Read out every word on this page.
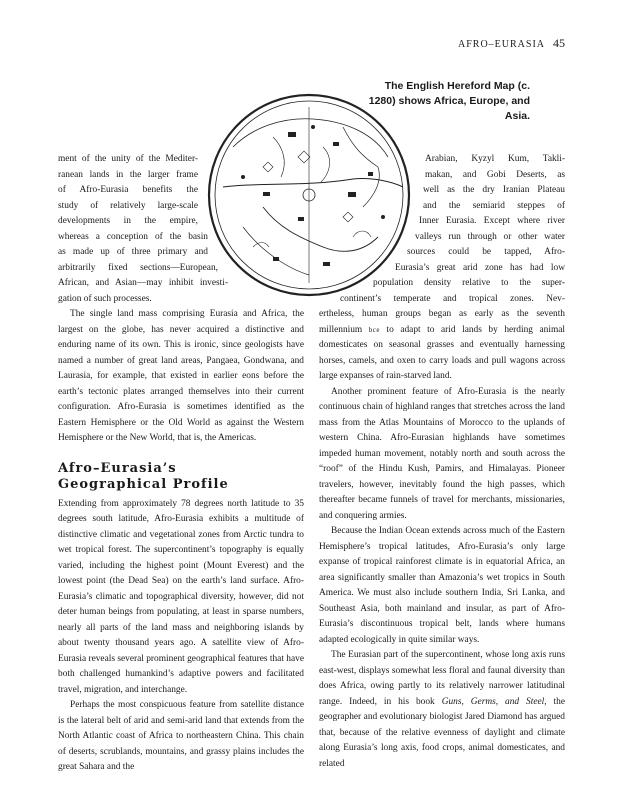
AFRO–EURASIA 45
The English Hereford Map (c. 1280) shows Africa, Europe, and Asia.
ment of the unity of the Mediter-
ranean lands in the larger frame
of Afro-Eurasia benefits the
study of relatively large-scale
developments in the empire,
whereas a conception of the basin
as made up of three primary and
arbitrarily fixed sections—European,
African, and Asian—may inhibit investi-
gation of such processes.

The single land mass comprising Eurasia and Africa, the largest on the globe, has never acquired a distinctive and enduring name of its own. This is ironic, since geologists have named a number of great land areas, Pangaea, Gondwana, and Laurasia, for example, that existed in earlier eons before the earth’s tectonic plates arranged themselves into their current configuration. Afro-Eurasia is sometimes identified as the Eastern Hemisphere or the Old World as against the Western Hemisphere or the New World, that is, the Americas.

Afro–Eurasia’s
Geographical Profile

Extending from approximately 78 degrees north latitude to 35 degrees south latitude, Afro-Eurasia exhibits a multitude of distinctive climatic and vegetational zones from Arctic tundra to wet tropical forest. The supercontinent’s topography is equally varied, including the highest point (Mount Everest) and the lowest point (the Dead Sea) on the earth’s land surface. Afro-Eurasia’s climatic and topographical diversity, however, did not deter human beings from populating, at least in sparse numbers, nearly all parts of the land mass and neighboring islands by about twenty thousand years ago. A satellite view of Afro-Eurasia reveals several prominent geographical features that have both challenged humankind’s adaptive powers and facilitated travel, migration, and interchange.

Perhaps the most conspicuous feature from satellite distance is the lateral belt of arid and semi-arid land that extends from the North Atlantic coast of Africa to northeastern China. This chain of deserts, scrublands, mountains, and grassy plains includes the great Sahara and the

Arabian, Kyzyl Kum, Takli-
makan, and Gobi Deserts, as
well as the dry Iranian Plateau
and the semiarid steppes of
Inner Eurasia. Except where river
valleys run through or other water
sources could be tapped, Afro-
Eurasia’s great arid zone has had low
population density relative to the super-
continent’s temperate and tropical zones. Nev-

ertheless, human groups began as early as the seventh millennium bce to adapt to arid lands by herding animal domesticates on seasonal grasses and eventually harnessing horses, camels, and oxen to carry loads and pull wagons across large expanses of rain-starved land.

Another prominent feature of Afro-Eurasia is the nearly continuous chain of highland ranges that stretches across the land mass from the Atlas Mountains of Morocco to the uplands of western China. Afro-Eurasian highlands have sometimes impeded human movement, notably north and south across the “roof” of the Hindu Kush, Pamirs, and Himalayas. Pioneer travelers, however, inevitably found the high passes, which thereafter became funnels of travel for merchants, missionaries, and conquering armies.

Because the Indian Ocean extends across much of the Eastern Hemisphere’s tropical latitudes, Afro-Eurasia’s only large expanse of tropical rainforest climate is in equatorial Africa, an area significantly smaller than Amazonia’s wet tropics in South America. We must also include southern India, Sri Lanka, and Southeast Asia, both mainland and insular, as part of Afro-Eurasia’s discontinuous tropical belt, lands where humans adapted ecologically in quite similar ways.

The Eurasian part of the supercontinent, whose long axis runs east-west, displays somewhat less floral and faunal diversity than does Africa, owing partly to its relatively narrower latitudinal range. Indeed, in his book Guns, Germs, and Steel, the geographer and evolutionary biologist Jared Diamond has argued that, because of the relative evenness of daylight and climate along Eurasia’s long axis, food crops, animal domesticates, and related
